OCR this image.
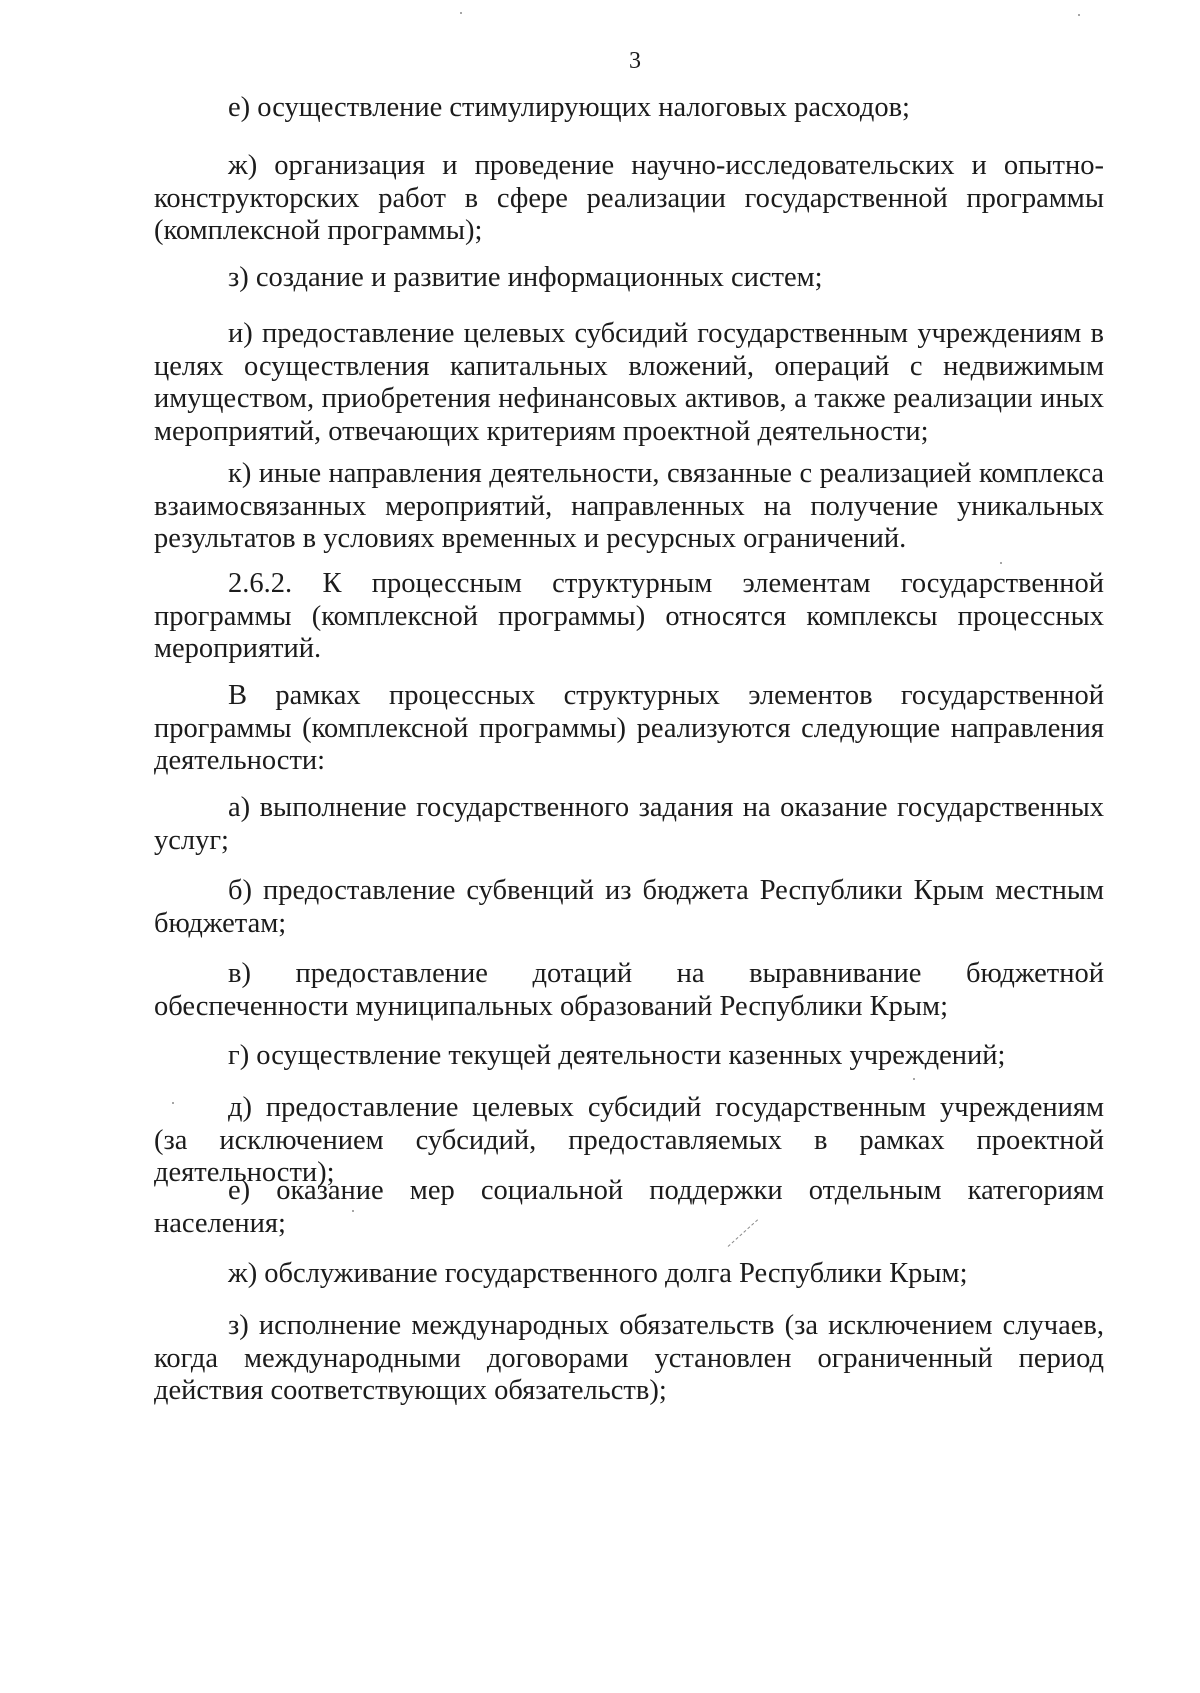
3

е) осуществление стимулирующих налоговых расходов;

ж) организация и проведение научно-исследовательских и опытно-конструкторских работ в сфере реализации государственной программы (комплексной программы);

з) создание и развитие информационных систем;

и) предоставление целевых субсидий государственным учреждениям в целях осуществления капитальных вложений, операций с недвижимым имуществом, приобретения нефинансовых активов, а также реализации иных мероприятий, отвечающих критериям проектной деятельности;

к) иные направления деятельности, связанные с реализацией комплекса взаимосвязанных мероприятий, направленных на получение уникальных результатов в условиях временных и ресурсных ограничений.

2.6.2. К процессным структурным элементам государственной программы (комплексной программы) относятся комплексы процессных мероприятий.

В рамках процессных структурных элементов государственной программы (комплексной программы) реализуются следующие направления деятельности:

а) выполнение государственного задания на оказание государственных услуг;

б) предоставление субвенций из бюджета Республики Крым местным бюджетам;

в) предоставление дотаций на выравнивание бюджетной обеспеченности муниципальных образований Республики Крым;

г) осуществление текущей деятельности казенных учреждений;

д) предоставление целевых субсидий государственным учреждениям (за исключением субсидий, предоставляемых в рамках проектной деятельности);

е) оказание мер социальной поддержки отдельным категориям населения;

ж) обслуживание государственного долга Республики Крым;

з) исполнение международных обязательств (за исключением случаев, когда международными договорами установлен ограниченный период действия соответствующих обязательств);
